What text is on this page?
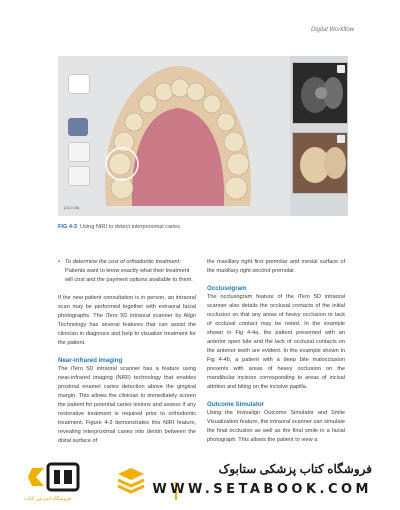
Digital Workflow
[11.0.16]
FIG 4-3 Using NIRI to detect interproximal caries.
• To determine the cost of orthodontic treatment: Patients want to know exactly what their treatment will cost and the payment options available to them.

If the new patient consultation is in person, an intraoral scan may be performed together with extraoral facial photographs. The iTero 5D intraoral scanner by Align Technology has several features that can assist the clinician in diagnosis and help to visualize treatment for the patient.

Near-infrared imaging

The iTero 5D intraoral scanner has a feature using near-infrared imaging (NIRI) technology that enables proximal enamel caries detection above the gingival margin. This allows the clinician to immediately screen the patient for potential caries lesions and assess if any restorative treatment is required prior to orthodontic treatment. Figure 4-3 demonstrates this NIRI feature, revealing interproximal caries into dentin between the distal surface of

the maxillary right first premolar and mesial surface of the maxillary right second premolar.

Occlusogram

The occlusogram feature of the iTero 5D intraoral scanner also details the occlusal contacts of the initial occlusion so that any areas of heavy occlusion or lack of occlusal contact may be noted. In the example shown in Fig 4-4a, the patient presented with an anterior open bite and the lack of occlusal contacts on the anterior teeth are evident. In the example shown in Fig 4-4b, a patient with a deep bite malocclusion presents with areas of heavy occlusion on the mandibular incisors corresponding to areas of incisal attrition and biting on the incisive papilla.

Outcome Simulator

Using the Invisalign Outcome Simulator and Smile Visualization feature, the intraoral scanner can simulate the final occlusion as well as the final smile in a facial photograph. This allows the patient to view a

فروشگاه اینترنتی کتاب
فروشگاه کتاب پزشکی ستابوک
WWW.SETABOOK.COM
